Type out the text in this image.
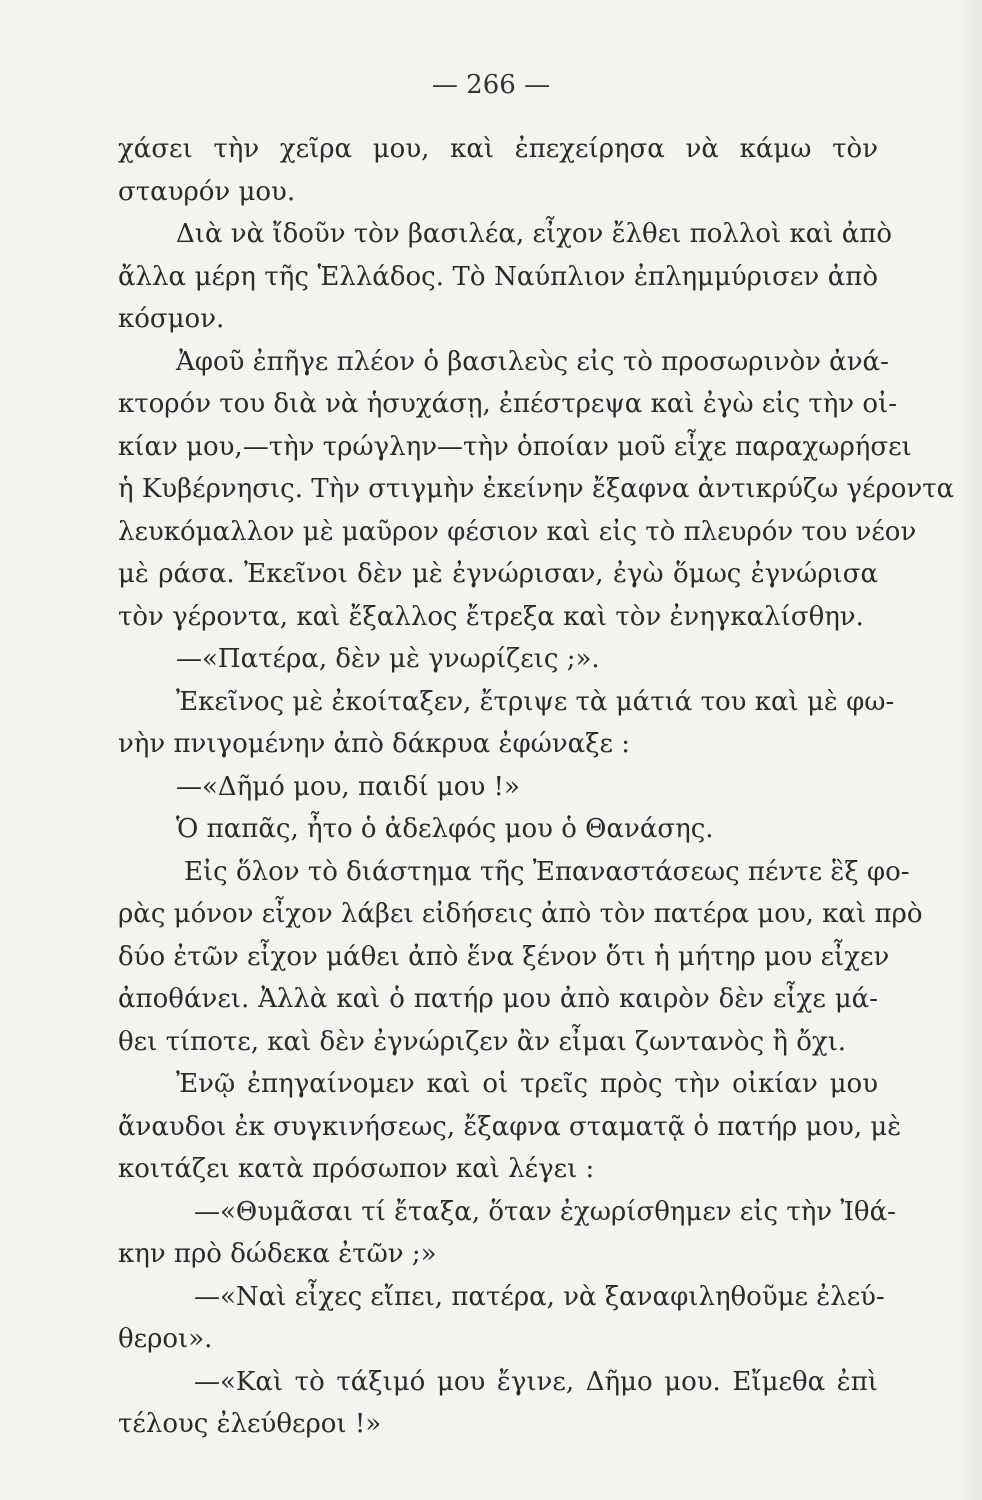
— 266 —
χάσει τὴν χεῖρα μου, καὶ ἐπεχείρησα νὰ κάμω τὸν
σταυρόν μου.
Διὰ νὰ ἴδοῦν τὸν βασιλέα, εἶχον ἔλθει πολλοὶ καὶ ἀπὸ
ἄλλα μέρη τῆς Ἑλλάδος. Τὸ Ναύπλιον ἐπλημμύρισεν ἀπὸ
κόσμον.
Ἀφοῦ ἐπῆγε πλέον ὁ βασιλεὺς εἰς τὸ προσωρινὸν ἀνά-
κτορόν του διὰ νὰ ἡσυχάσῃ, ἐπέστρεψα καὶ ἐγὼ εἰς τὴν οἰ-
κίαν μου,—τὴν τρώγλην—τὴν ὁποίαν μοῦ εἶχε παραχωρήσει
ἡ Κυβέρνησις. Τὴν στιγμὴν ἐκείνην ἔξαφνα ἀντικρύζω γέροντα
λευκόμαλλον μὲ μαῦρον φέσιον καὶ εἰς τὸ πλευρόν του νέον
μὲ ράσα. Ἐκεῖνοι δὲν μὲ ἐγνώρισαν, ἐγὼ ὅμως ἐγνώρισα
τὸν γέροντα, καὶ ἔξαλλος ἔτρεξα καὶ τὸν ἐνηγκαλίσθην.
—«Πατέρα, δὲν μὲ γνωρίζεις ;».
Ἐκεῖνος μὲ ἐκοίταξεν, ἔτριψε τὰ μάτιά του καὶ μὲ φω-
νὴν πνιγομένην ἀπὸ δάκρυα ἐφώναξε :
—«Δῆμό μου, παιδί μου !»
Ὁ παπᾶς, ἦτο ὁ ἀδελφός μου ὁ Θανάσης.
Εἰς ὅλον τὸ διάστημα τῆς Ἐπαναστάσεως πέντε ἓξ φο-
ρὰς μόνον εἶχον λάβει εἰδήσεις ἀπὸ τὸν πατέρα μου, καὶ πρὸ
δύο ἐτῶν εἶχον μάθει ἀπὸ ἕνα ξένον ὅτι ἡ μήτηρ μου εἶχεν
ἀποθάνει. Ἀλλὰ καὶ ὁ πατήρ μου ἀπὸ καιρὸν δὲν εἶχε μά-
θει τίποτε, καὶ δὲν ἐγνώριζεν ἂν εἶμαι ζωντανὸς ἢ ὄχι.
Ἐνῷ ἐπηγαίνομεν καὶ οἱ τρεῖς πρὸς τὴν οἰκίαν μου
ἄναυδοι ἐκ συγκινήσεως, ἔξαφνα σταματᾷ ὁ πατήρ μου, μὲ
κοιτάζει κατὰ πρόσωπον καὶ λέγει :
—«Θυμᾶσαι τί ἔταξα, ὅταν ἐχωρίσθημεν εἰς τὴν Ἰθά-
κην πρὸ δώδεκα ἐτῶν ;»
—«Ναὶ εἶχες εἴπει, πατέρα, νὰ ξαναφιληθοῦμε ἐλεύ-
θεροι».
—«Καὶ τὸ τάξιμό μου ἔγινε, Δῆμο μου. Εἴμεθα ἐπὶ
τέλους ἐλεύθεροι !»
